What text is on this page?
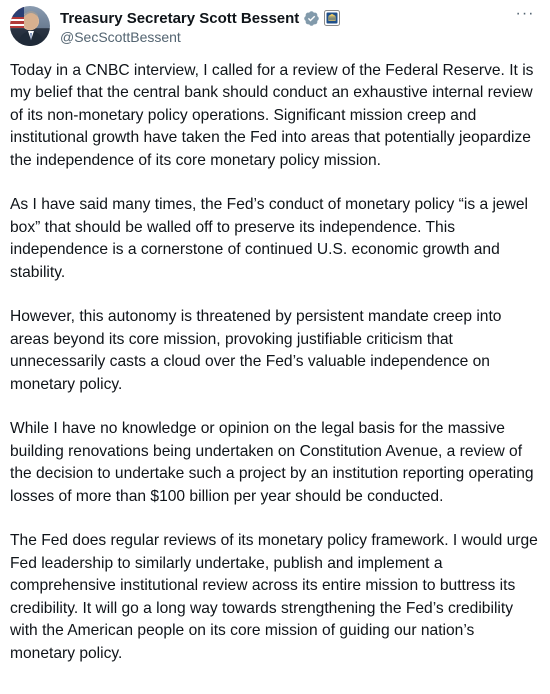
Treasury Secretary Scott Bessent
@SecScottBessent
···

Today in a CNBC interview, I called for a review of the Federal Reserve. It is my belief that the central bank should conduct an exhaustive internal review of its non-monetary policy operations. Significant mission creep and institutional growth have taken the Fed into areas that potentially jeopardize the independence of its core monetary policy mission.

As I have said many times, the Fed’s conduct of monetary policy “is a jewel box” that should be walled off to preserve its independence. This independence is a cornerstone of continued U.S. economic growth and stability.

However, this autonomy is threatened by persistent mandate creep into areas beyond its core mission, provoking justifiable criticism that unnecessarily casts a cloud over the Fed’s valuable independence on monetary policy.

While I have no knowledge or opinion on the legal basis for the massive building renovations being undertaken on Constitution Avenue, a review of the decision to undertake such a project by an institution reporting operating losses of more than $100 billion per year should be conducted.

The Fed does regular reviews of its monetary policy framework. I would urge Fed leadership to similarly undertake, publish and implement a comprehensive institutional review across its entire mission to buttress its credibility. It will go a long way towards strengthening the Fed’s credibility with the American people on its core mission of guiding our nation’s monetary policy.
